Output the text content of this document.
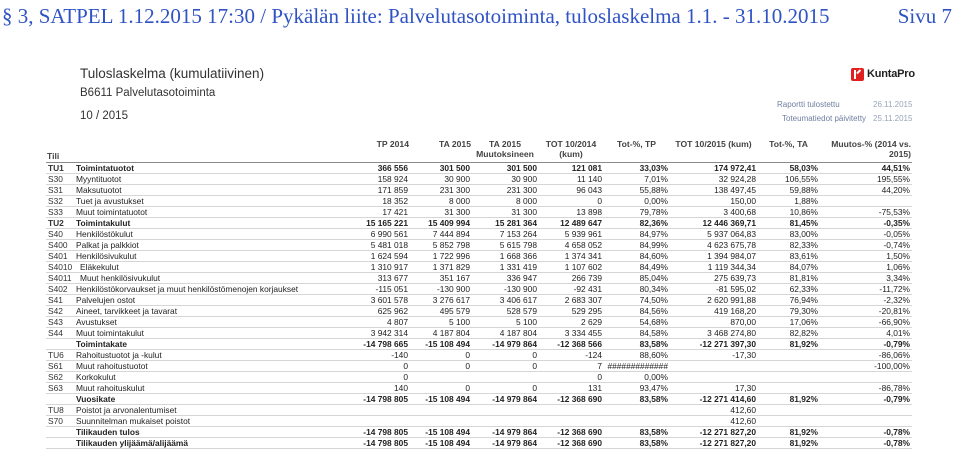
§ 3, SATPEL 1.12.2015 17:30 / Pykälän liite: Palvelutasotoiminta, tuloslaskelma 1.1. - 31.10.2015	Sivu 7
Tuloslaskelma (kumulatiivinen)
B6611 Palvelutasotoiminta
10 / 2015
KuntaPro
Raportti tulostettu	26.11.2015
Toteumatiedot päivitetty 25.11.2015
Tili		TP 2014	TA 2015	TA 2015 Muutoksineen	TOT 10/2014 (kum)	Tot-%, TP	TOT 10/2015 (kum)	Tot-%, TA	Muutos-% (2014 vs. 2015)
TU1	Toimintatuotot	366 556	301 500	301 500	121 081	33,03%	174 972,41	58,03%	44,51%
S30	Myyntituotot	158 924	30 900	30 900	11 140	7,01%	32 924,28	106,55%	195,55%
S31	Maksutuotot	171 859	231 300	231 300	96 043	55,88%	138 497,45	59,88%	44,20%
S32	Tuet ja avustukset	18 352	8 000	8 000	0	0,00%	150,00	1,88%	
S33	Muut toimintatuotot	17 421	31 300	31 300	13 898	79,78%	3 400,68	10,86%	-75,53%
TU2	Toimintakulut	15 165 221	15 409 994	15 281 364	12 489 647	82,36%	12 446 369,71	81,45%	-0,35%
S40	Henkilöstökulut	6 990 561	7 444 894	7 153 264	5 939 961	84,97%	5 937 064,83	83,00%	-0,05%
S400	Palkat ja palkkiot	5 481 018	5 852 798	5 615 798	4 658 052	84,99%	4 623 675,78	82,33%	-0,74%
S401	Henkilösivukulut	1 624 594	1 722 996	1 668 366	1 374 341	84,60%	1 394 984,07	83,61%	1,50%
S4010	Eläkekulut	1 310 917	1 371 829	1 331 419	1 107 602	84,49%	1 119 344,34	84,07%	1,06%
S4011	Muut henkilösivukulut	313 677	351 167	336 947	266 739	85,04%	275 639,73	81,81%	3,34%
S402	Henkilöstökorvaukset ja muut henkilöstömenojen korjaukset	-115 051	-130 900	-130 900	-92 431	80,34%	-81 595,02	62,33%	-11,72%
S41	Palvelujen ostot	3 601 578	3 276 617	3 406 617	2 683 307	74,50%	2 620 991,88	76,94%	-2,32%
S42	Aineet, tarvikkeet ja tavarat	625 962	495 579	528 579	529 295	84,56%	419 168,20	79,30%	-20,81%
S43	Avustukset	4 807	5 100	5 100	2 629	54,68%	870,00	17,06%	-66,90%
S44	Muut toimintakulut	3 942 314	4 187 804	4 187 804	3 334 455	84,58%	3 468 274,80	82,82%	4,01%
	Toimintakate	-14 798 665	-15 108 494	-14 979 864	-12 368 566	83,58%	-12 271 397,30	81,92%	-0,79%
TU6	Rahoitustuotot ja -kulut	-140	0	0	-124	88,60%	-17,30		-86,06%
S61	Muut rahoitustuotot	0	0	0	7	#############			-100,00%
S62	Korkokulut	0			0	0,00%			
S63	Muut rahoituskulut	140	0	0	131	93,47%	17,30		-86,78%
	Vuosikate	-14 798 805	-15 108 494	-14 979 864	-12 368 690	83,58%	-12 271 414,60	81,92%	-0,79%
TU8	Poistot ja arvonalentumiset						412,60		
S70	Suunnitelman mukaiset poistot						412,60		
	Tilikauden tulos	-14 798 805	-15 108 494	-14 979 864	-12 368 690	83,58%	-12 271 827,20	81,92%	-0,78%
	Tilikauden ylijäämä/alijäämä	-14 798 805	-15 108 494	-14 979 864	-12 368 690	83,58%	-12 271 827,20	81,92%	-0,78%
